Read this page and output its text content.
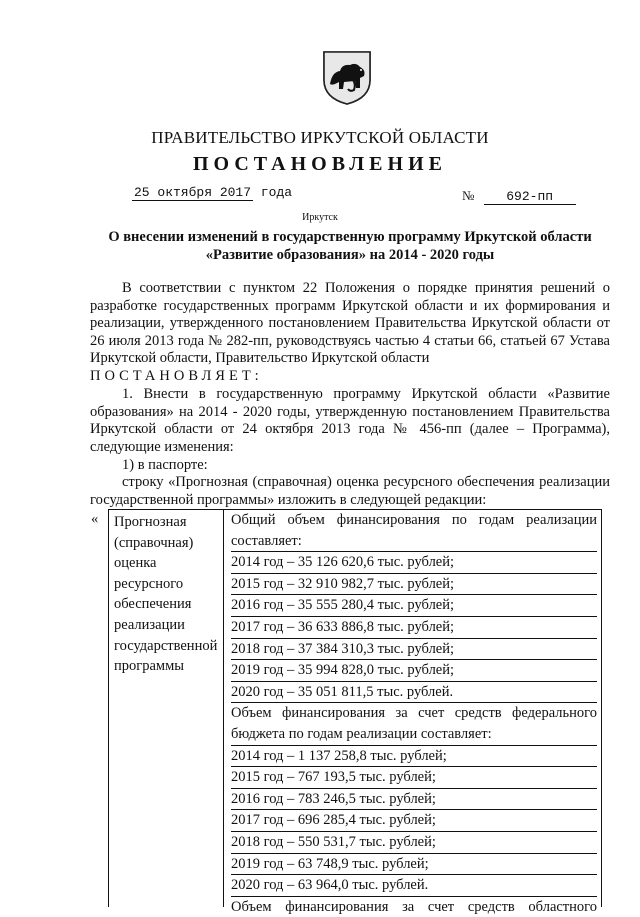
ПРАВИТЕЛЬСТВО ИРКУТСКОЙ ОБЛАСТИ
ПОСТАНОВЛЕНИЕ
25 октября 2017 года	№ 692-пп
Иркутск
О внесении изменений в государственную программу Иркутской области
«Развитие образования» на 2014 - 2020 годы
В соответствии с пунктом 22 Положения о порядке принятия решений о разработке государственных программ Иркутской области и их формирования и реализации, утвержденного постановлением Правительства Иркутской области от 26 июля 2013 года № 282-пп, руководствуясь частью 4 статьи 66, статьей 67 Устава Иркутской области, Правительство Иркутской области
ПОСТАНОВЛЯЕТ:
1. Внести в государственную программу Иркутской области «Развитие образования» на 2014 - 2020 годы, утвержденную постановлением Правительства Иркутской области от 24 октября 2013 года № 456-пп (далее – Программа), следующие изменения:
1) в паспорте:
строку «Прогнозная (справочная) оценка ресурсного обеспечения реализации государственной программы» изложить в следующей редакции:
« Прогнозная
(справочная)
оценка
ресурсного
обеспечения
реализации
государственной
программы
Общий объем финансирования по годам реализации
составляет:
2014 год – 35 126 620,6 тыс. рублей;
2015 год – 32 910 982,7 тыс. рублей;
2016 год – 35 555 280,4 тыс. рублей;
2017 год – 36 633 886,8 тыс. рублей;
2018 год – 37 384 310,3 тыс. рублей;
2019 год – 35 994 828,0 тыс. рублей;
2020 год – 35 051 811,5 тыс. рублей.
Объем финансирования за счет средств федерального
бюджета по годам реализации составляет:
2014 год – 1 137 258,8 тыс. рублей;
2015 год – 767 193,5 тыс. рублей;
2016 год – 783 246,5 тыс. рублей;
2017 год – 696 285,4 тыс. рублей;
2018 год – 550 531,7 тыс. рублей;
2019 год – 63 748,9 тыс. рублей;
2020 год – 63 964,0 тыс. рублей.
Объем финансирования за счет средств областного
